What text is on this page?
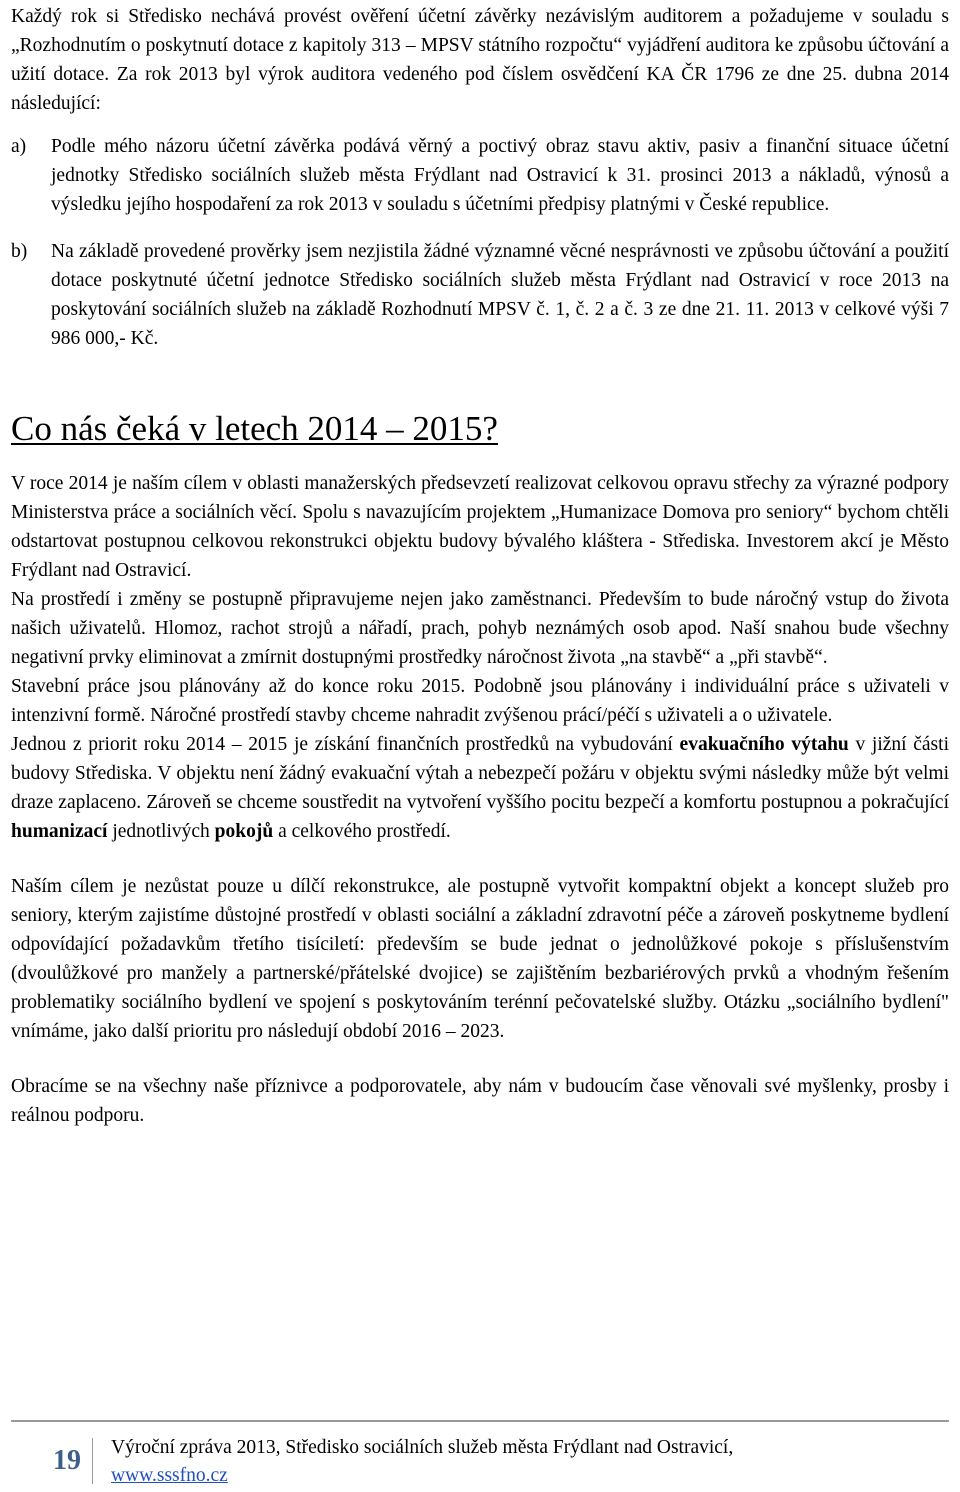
Každý rok si Středisko nechává provést ověření účetní závěrky nezávislým auditorem a požadujeme v souladu s „Rozhodnutím o poskytnutí dotace z kapitoly 313 – MPSV státního rozpočtu“ vyjádření auditora ke způsobu účtování a užití dotace. Za rok 2013 byl výrok auditora vedeného pod číslem osvědčení KA ČR 1796 ze dne 25. dubna 2014 následující:

a)	Podle mého názoru účetní závěrka podává věrný a poctivý obraz stavu aktiv, pasiv a finanční situace účetní jednotky Středisko sociálních služeb města Frýdlant nad Ostravicí k 31. prosinci 2013 a nákladů, výnosů a výsledku jejího hospodaření za rok 2013 v souladu s účetními předpisy platnými v České republice.

b)	Na základě provedené prověrky jsem nezjistila žádné významné věcné nesprávnosti ve způsobu účtování a použití dotace poskytnuté účetní jednotce Středisko sociálních služeb města Frýdlant nad Ostravicí v roce 2013 na poskytování sociálních služeb na základě Rozhodnutí MPSV č. 1, č. 2 a č. 3 ze dne 21. 11. 2013 v celkové výši 7 986 000,- Kč.

Co nás čeká v letech 2014 – 2015?

V roce 2014 je naším cílem v oblasti manažerských předsevzetí realizovat celkovou opravu střechy za výrazné podpory Ministerstva práce a sociálních věcí. Spolu s navazujícím projektem „Humanizace Domova pro seniory“ bychom chtěli odstartovat postupnou celkovou rekonstrukci objektu budovy bývalého kláštera - Střediska. Investorem akcí je Město Frýdlant nad Ostravicí.

Na prostředí i změny se postupně připravujeme nejen jako zaměstnanci. Především to bude náročný vstup do života našich uživatelů. Hlomoz, rachot strojů a nářadí, prach, pohyb neznámých osob apod. Naší snahou bude všechny negativní prvky eliminovat a zmírnit dostupnými prostředky náročnost života „na stavbě“ a „při stavbě“.

Stavební práce jsou plánovány až do konce roku 2015. Podobně jsou plánovány i individuální práce s uživateli v intenzivní formě. Náročné prostředí stavby chceme nahradit zvýšenou prácí/péčí s uživateli a o uživatele.

Jednou z priorit roku 2014 – 2015 je získání finančních prostředků na vybudování evakuačního výtahu v jižní části budovy Střediska. V objektu není žádný evakuační výtah a nebezpečí požáru v objektu svými následky může být velmi draze zaplaceno. Zároveň se chceme soustředit na vytvoření vyššího pocitu bezpečí a komfortu postupnou a pokračující humanizací jednotlivých pokojů a celkového prostředí.

Naším cílem je nezůstat pouze u dílčí rekonstrukce, ale postupně vytvořit kompaktní objekt a koncept služeb pro seniory, kterým zajistíme důstojné prostředí v oblasti sociální a základní zdravotní péče a zároveň poskytneme bydlení odpovídající požadavkům třetího tisíciletí: především se bude jednat o jednolůžkové pokoje s příslušenstvím (dvoulůžkové pro manžely a partnerské/přátelské dvojice) se zajištěním bezbariérových prvků a vhodným řešením problematiky sociálního bydlení ve spojení s poskytováním terénní pečovatelské služby. Otázku „sociálního bydlení" vnímáme, jako další prioritu pro následují období 2016 – 2023.

Obracíme se na všechny naše příznivce a podporovatele, aby nám v budoucím čase věnovali své myšlenky, prosby i reálnou podporu.

19	Výroční zpráva 2013, Středisko sociálních služeb města Frýdlant nad Ostravicí,
www.sssfno.cz
